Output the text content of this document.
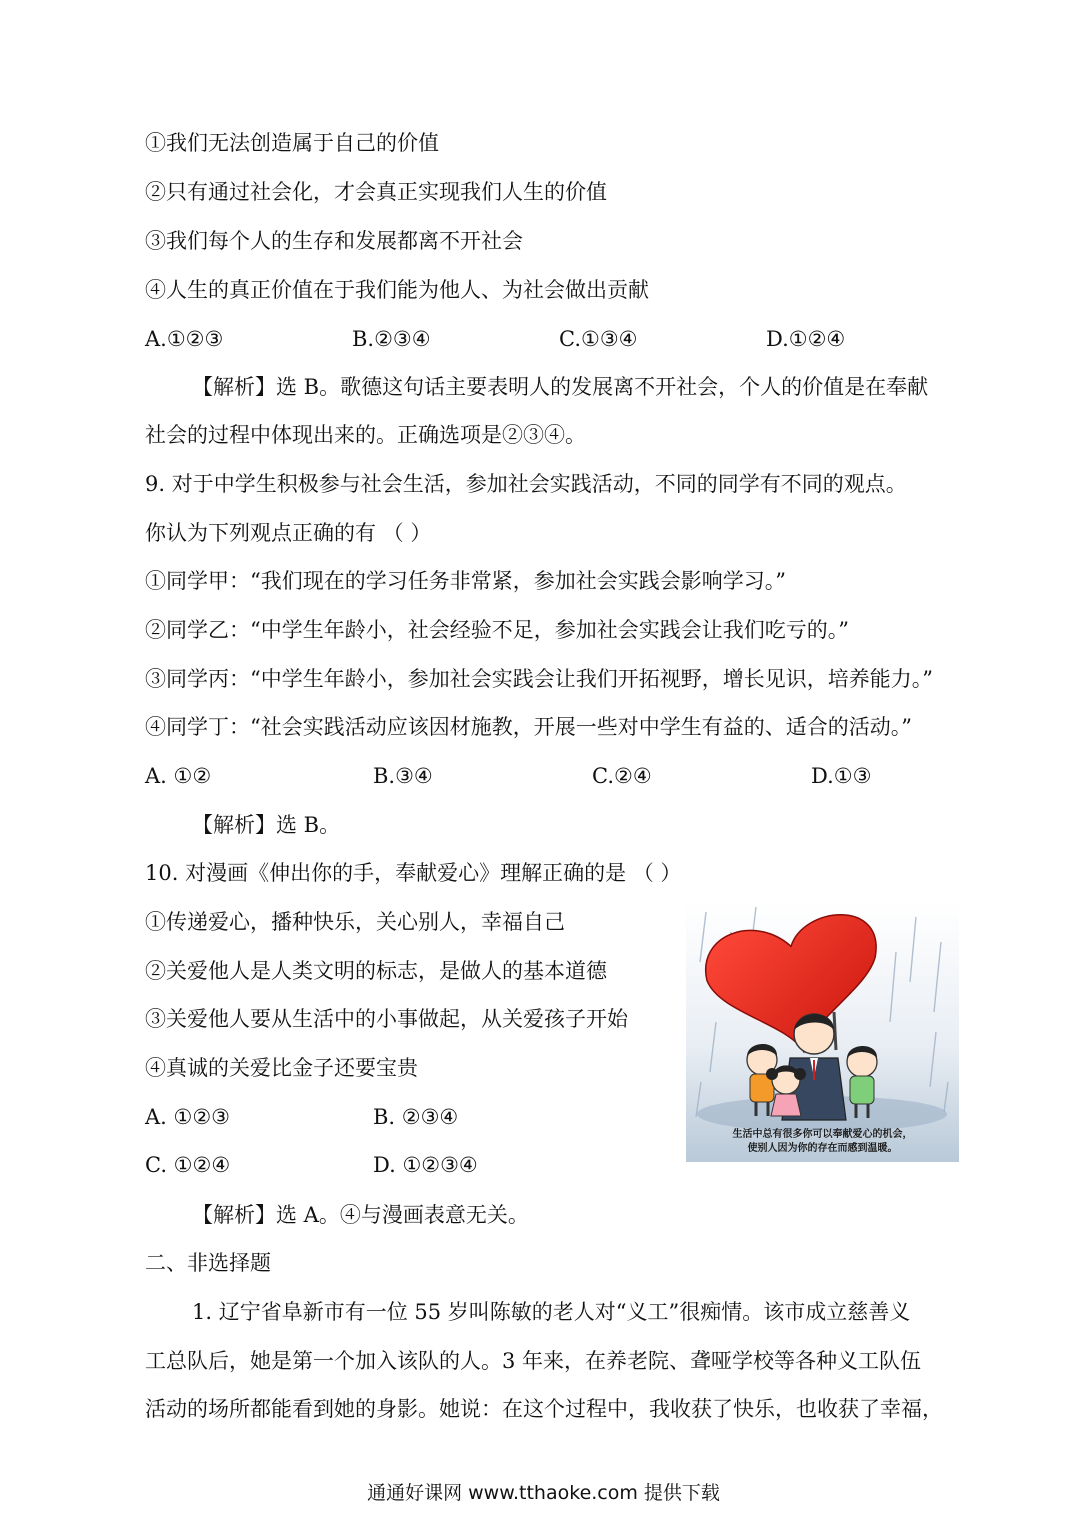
①我们无法创造属于自己的价值
②只有通过社会化，才会真正实现我们人生的价值
③我们每个人的生存和发展都离不开社会
④人生的真正价值在于我们能为他人、为社会做出贡献
A.①②③	B.②③④	C.①③④	D.①②④
【解析】选 B。歌德这句话主要表明人的发展离不开社会，个人的价值是在奉献
社会的过程中体现出来的。正确选项是②③④。
9. 对于中学生积极参与社会生活，参加社会实践活动，不同的同学有不同的观点。
你认为下列观点正确的有 （ ）
①同学甲：“我们现在的学习任务非常紧，参加社会实践会影响学习。”
②同学乙：“中学生年龄小，社会经验不足，参加社会实践会让我们吃亏的。”
③同学丙：“中学生年龄小，参加社会实践会让我们开拓视野，增长见识，培养能力。”
④同学丁：“社会实践活动应该因材施教，开展一些对中学生有益的、适合的活动。”
A. ①②	B.③④	C.②④	D.①③
【解析】选 B。
10. 对漫画《伸出你的手，奉献爱心》理解正确的是 （ ）
①传递爱心，播种快乐，关心别人，幸福自己
②关爱他人是人类文明的标志，是做人的基本道德
③关爱他人要从生活中的小事做起，从关爱孩子开始
④真诚的关爱比金子还要宝贵
A. ①②③	B. ②③④
C. ①②④	D. ①②③④
生活中总有很多你可以奉献爱心的机会，
使别人因为你的存在而感到温暖。
【解析】选 A。④与漫画表意无关。
二、非选择题
1. 辽宁省阜新市有一位 55 岁叫陈敏的老人对“义工”很痴情。该市成立慈善义
工总队后，她是第一个加入该队的人。3 年来，在养老院、聋哑学校等各种义工队伍
活动的场所都能看到她的身影。她说：在这个过程中，我收获了快乐，也收获了幸福，
通通好课网 www.tthaoke.com 提供下载
